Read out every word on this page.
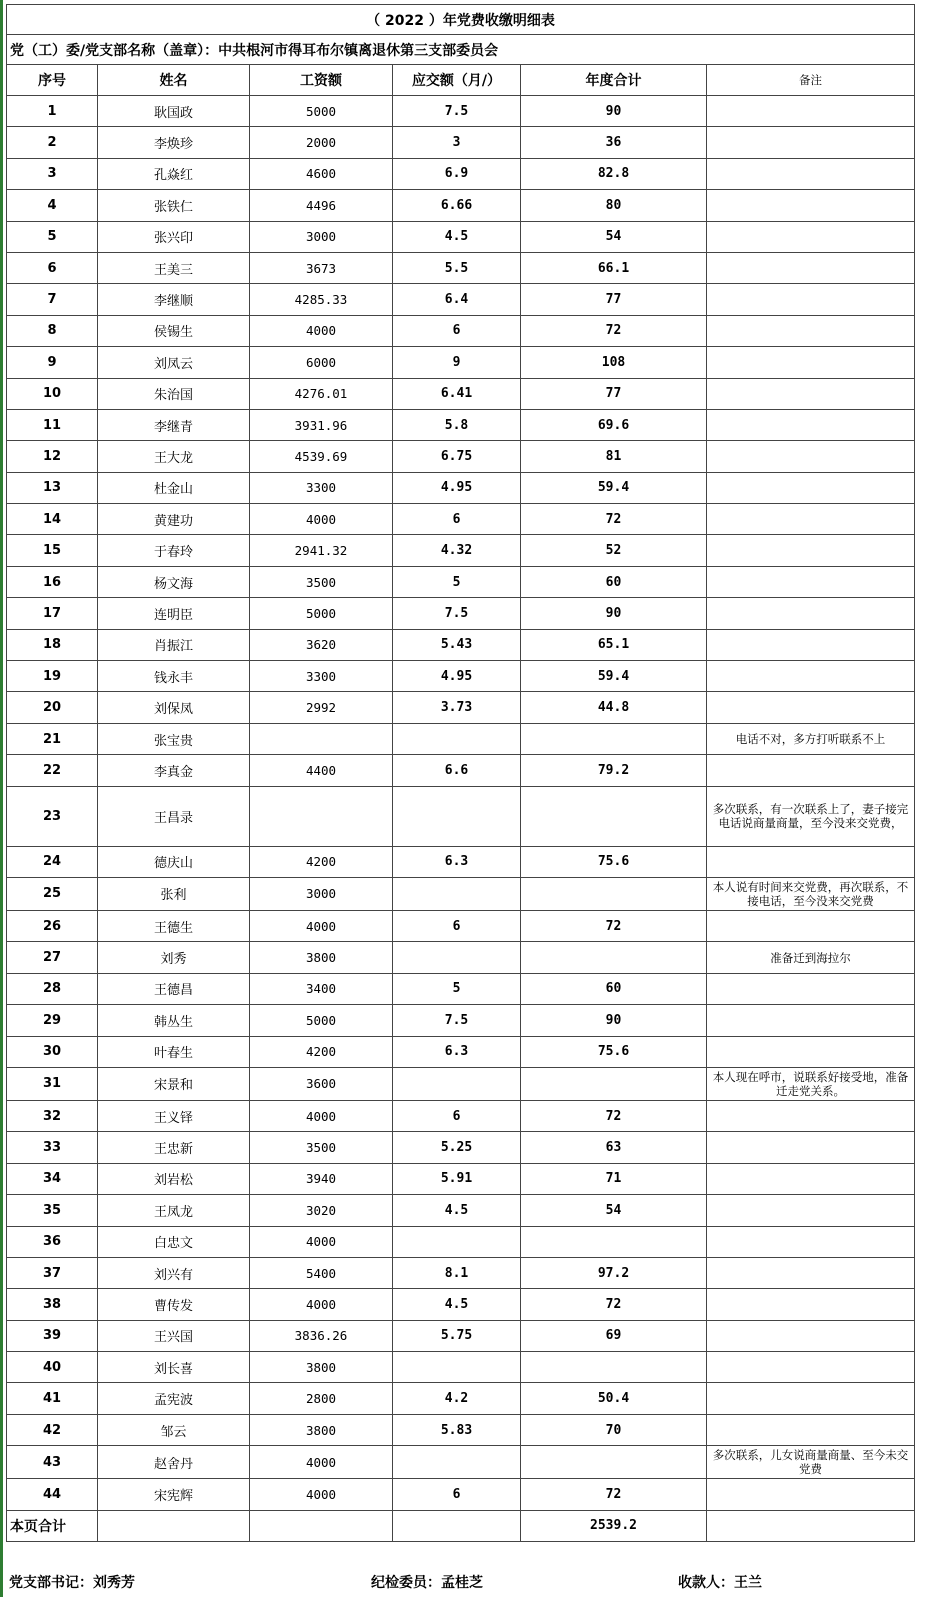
（ 2022 ）年党费收缴明细表					
党（工）委/党支部名称（盖章）：中共根河市得耳布尔镇离退休第三支部委员会					
序号	姓名	工资额	应交额（月/）	年度合计	备注
1	耿国政	5000	7.5	90	
2	李焕珍	2000	3	36	
3	孔焱红	4600	6.9	82.8	
4	张铁仁	4496	6.66	80	
5	张兴印	3000	4.5	54	
6	王美三	3673	5.5	66.1	
7	李继顺	4285.33	6.4	77	
8	侯锡生	4000	6	72	
9	刘凤云	6000	9	108	
10	朱治国	4276.01	6.41	77	
11	李继青	3931.96	5.8	69.6	
12	王大龙	4539.69	6.75	81	
13	杜金山	3300	4.95	59.4	
14	黄建功	4000	6	72	
15	于春玲	2941.32	4.32	52	
16	杨文海	3500	5	60	
17	连明臣	5000	7.5	90	
18	肖振江	3620	5.43	65.1	
19	钱永丰	3300	4.95	59.4	
20	刘保凤	2992	3.73	44.8	
21	张宝贵				电话不对，多方打听联系不上
22	李真金	4400	6.6	79.2	
23	王昌录				多次联系，有一次联系上了，妻子接完电话说商量商量，至今没来交党费，
24	德庆山	4200	6.3	75.6	
25	张利	3000			本人说有时间来交党费，再次联系，不接电话，至今没来交党费
26	王德生	4000	6	72	
27	刘秀	3800			准备迁到海拉尔
28	王德昌	3400	5	60	
29	韩丛生	5000	7.5	90	
30	叶春生	4200	6.3	75.6	
31	宋景和	3600			本人现在呼市，说联系好接受地，准备迁走党关系。
32	王义铎	4000	6	72	
33	王忠新	3500	5.25	63	
34	刘岩松	3940	5.91	71	
35	王凤龙	3020	4.5	54	
36	白忠文	4000			
37	刘兴有	5400	8.1	97.2	
38	曹传发	4000	4.5	72	
39	王兴国	3836.26	5.75	69	
40	刘长喜	3800			
41	孟宪波	2800	4.2	50.4	
42	邹云	3800	5.83	70	
43	赵舍丹	4000			多次联系，儿女说商量商量、至今未交党费
44	宋宪辉	4000	6	72	
本页合计				2539.2	
党支部书记：刘秀芳	纪检委员：孟桂芝	收款人：王兰
